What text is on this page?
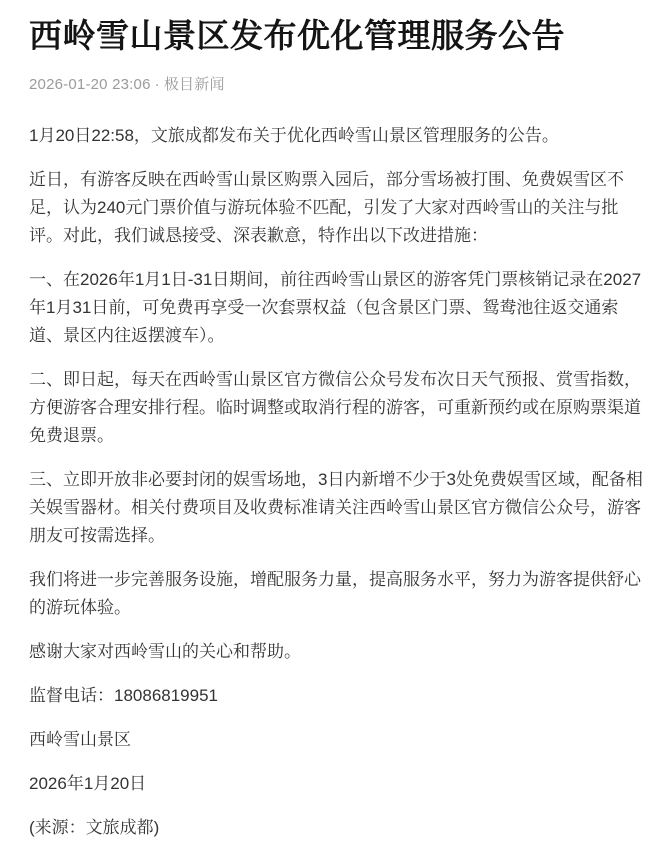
西岭雪山景区发布优化管理服务公告
2026-01-20 23:06 · 极目新闻

1月20日22:58，文旅成都发布关于优化西岭雪山景区管理服务的公告。

近日，有游客反映在西岭雪山景区购票入园后，部分雪场被打围、免费娱雪区不足，认为240元门票价值与游玩体验不匹配，引发了大家对西岭雪山的关注与批评。对此，我们诚恳接受、深表歉意，特作出以下改进措施：

一、在2026年1月1日-31日期间，前往西岭雪山景区的游客凭门票核销记录在2027年1月31日前，可免费再享受一次套票权益（包含景区门票、鸳鸯池往返交通索道、景区内往返摆渡车）。

二、即日起，每天在西岭雪山景区官方微信公众号发布次日天气预报、赏雪指数，方便游客合理安排行程。临时调整或取消行程的游客，可重新预约或在原购票渠道免费退票。

三、立即开放非必要封闭的娱雪场地，3日内新增不少于3处免费娱雪区域，配备相关娱雪器材。相关付费项目及收费标准请关注西岭雪山景区官方微信公众号，游客朋友可按需选择。

我们将进一步完善服务设施，增配服务力量，提高服务水平，努力为游客提供舒心的游玩体验。

感谢大家对西岭雪山的关心和帮助。

监督电话：18086819951

西岭雪山景区

2026年1月20日

(来源：文旅成都)
